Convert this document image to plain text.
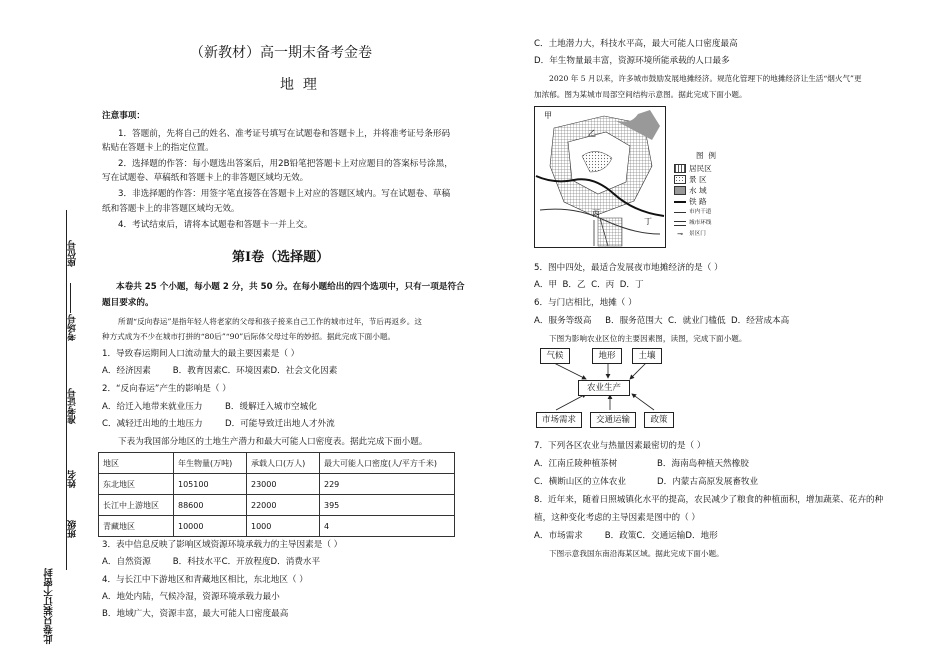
座位号
考场号
准考证号
姓名
班级
此卷只装订不密封
（新教材）高一期末备考金卷
地  理
注意事项：
1．答题前，先将自己的姓名、准考证号填写在试题卷和答题卡上，并将准考证号条形码
粘贴在答题卡上的指定位置。
2．选择题的作答：每小题选出答案后，用2B铅笔把答题卡上对应题目的答案标号涂黑，
写在试题卷、草稿纸和答题卡上的非答题区域均无效。
3．非选择题的作答：用签字笔直接答在答题卡上对应的答题区域内。写在试题卷、草稿
纸和答题卡上的非答题区域均无效。
4．考试结束后，请将本试题卷和答题卡一并上交。
第Ⅰ卷（选择题）
本卷共 25 个小题，每小题 2 分，共 50 分。在每小题给出的四个选项中，只有一项是符合
题目要求的。
所谓“反向春运”是指年轻人将老家的父母和孩子接来自己工作的城市过年，节后再返乡。这
种方式成为不少在城市打拼的“80后”“90”后际体父母过年的妙招。据此完成下面小题。
1．导致春运期间人口流动量大的最主要因素是（ ）
A．经济因素        B．教育因素C．环境因素D．社会文化因素
2．“反向春运”产生的影响是（ ）
A．给迁入地带来就业压力	B．缓解迁入城市空城化
C．减轻迁出地的土地压力	D．可能导致迁出地人才外流
下表为我国部分地区的土地生产潜力和最大可能人口密度表。据此完成下面小题。
地区	年生物量(万吨)	承载人口(万人)	最大可能人口密度(人/平方千米)
东北地区	105100	23000	229
长江中上游地区	88600	22000	395
青藏地区	10000	1000	4
3．表中信息反映了影响区域资源环境承载力的主导因素是（ ）
A．自然资源        B．科技水平C．开放程度D．消费水平
4．与长江中下游地区和青藏地区相比，东北地区（ ）
A．地处内陆，气候冷湿，资源环境承载力最小
B．地域广大，资源丰富，最大可能人口密度最高
C．土地潜力大，科技水平高，最大可能人口密度最高
D．年生物量最丰富，资源环境所能承载的人口最多
2020 年 5 月以来，许多城市鼓励发展地摊经济。规范化管理下的地摊经济让生活“烟火气”更
加浓郁。图为某城市局部空间结构示意图。据此完成下面小题。
甲
乙
丙
丁
图  例
居民区
景 区
水 域
铁 路
市内干道
城市环线
⊸	景区门
5．图中四处，最适合发展夜市地摊经济的是（ ）
A．甲  B．乙  C．丙  D．丁
6．与门店相比，地摊（ ）
A．服务等级高     B．服务范围大  C．就业门槛低  D．经营成本高
下图为影响农业区位的主要因素图，读图，完成下面小题。
气候	地形	土壤
农业生产
市场需求	交通运输	政策
7．下列各区农业与热量因素最密切的是（ ）
A．江南丘陵种植茶树	B．海南岛种植天然橡胶
C．横断山区的立体农业	D．内蒙古高原发展畜牧业
8．近年来，随着日照城镇化水平的提高，农民减少了粮食的种植面积，增加蔬菜、花卉的种
植，这种变化考虑的主导因素是图中的（ ）
A．市场需求        B．政策C．交通运输D．地形
下图示意我国东南沿海某区域。据此完成下面小题。
